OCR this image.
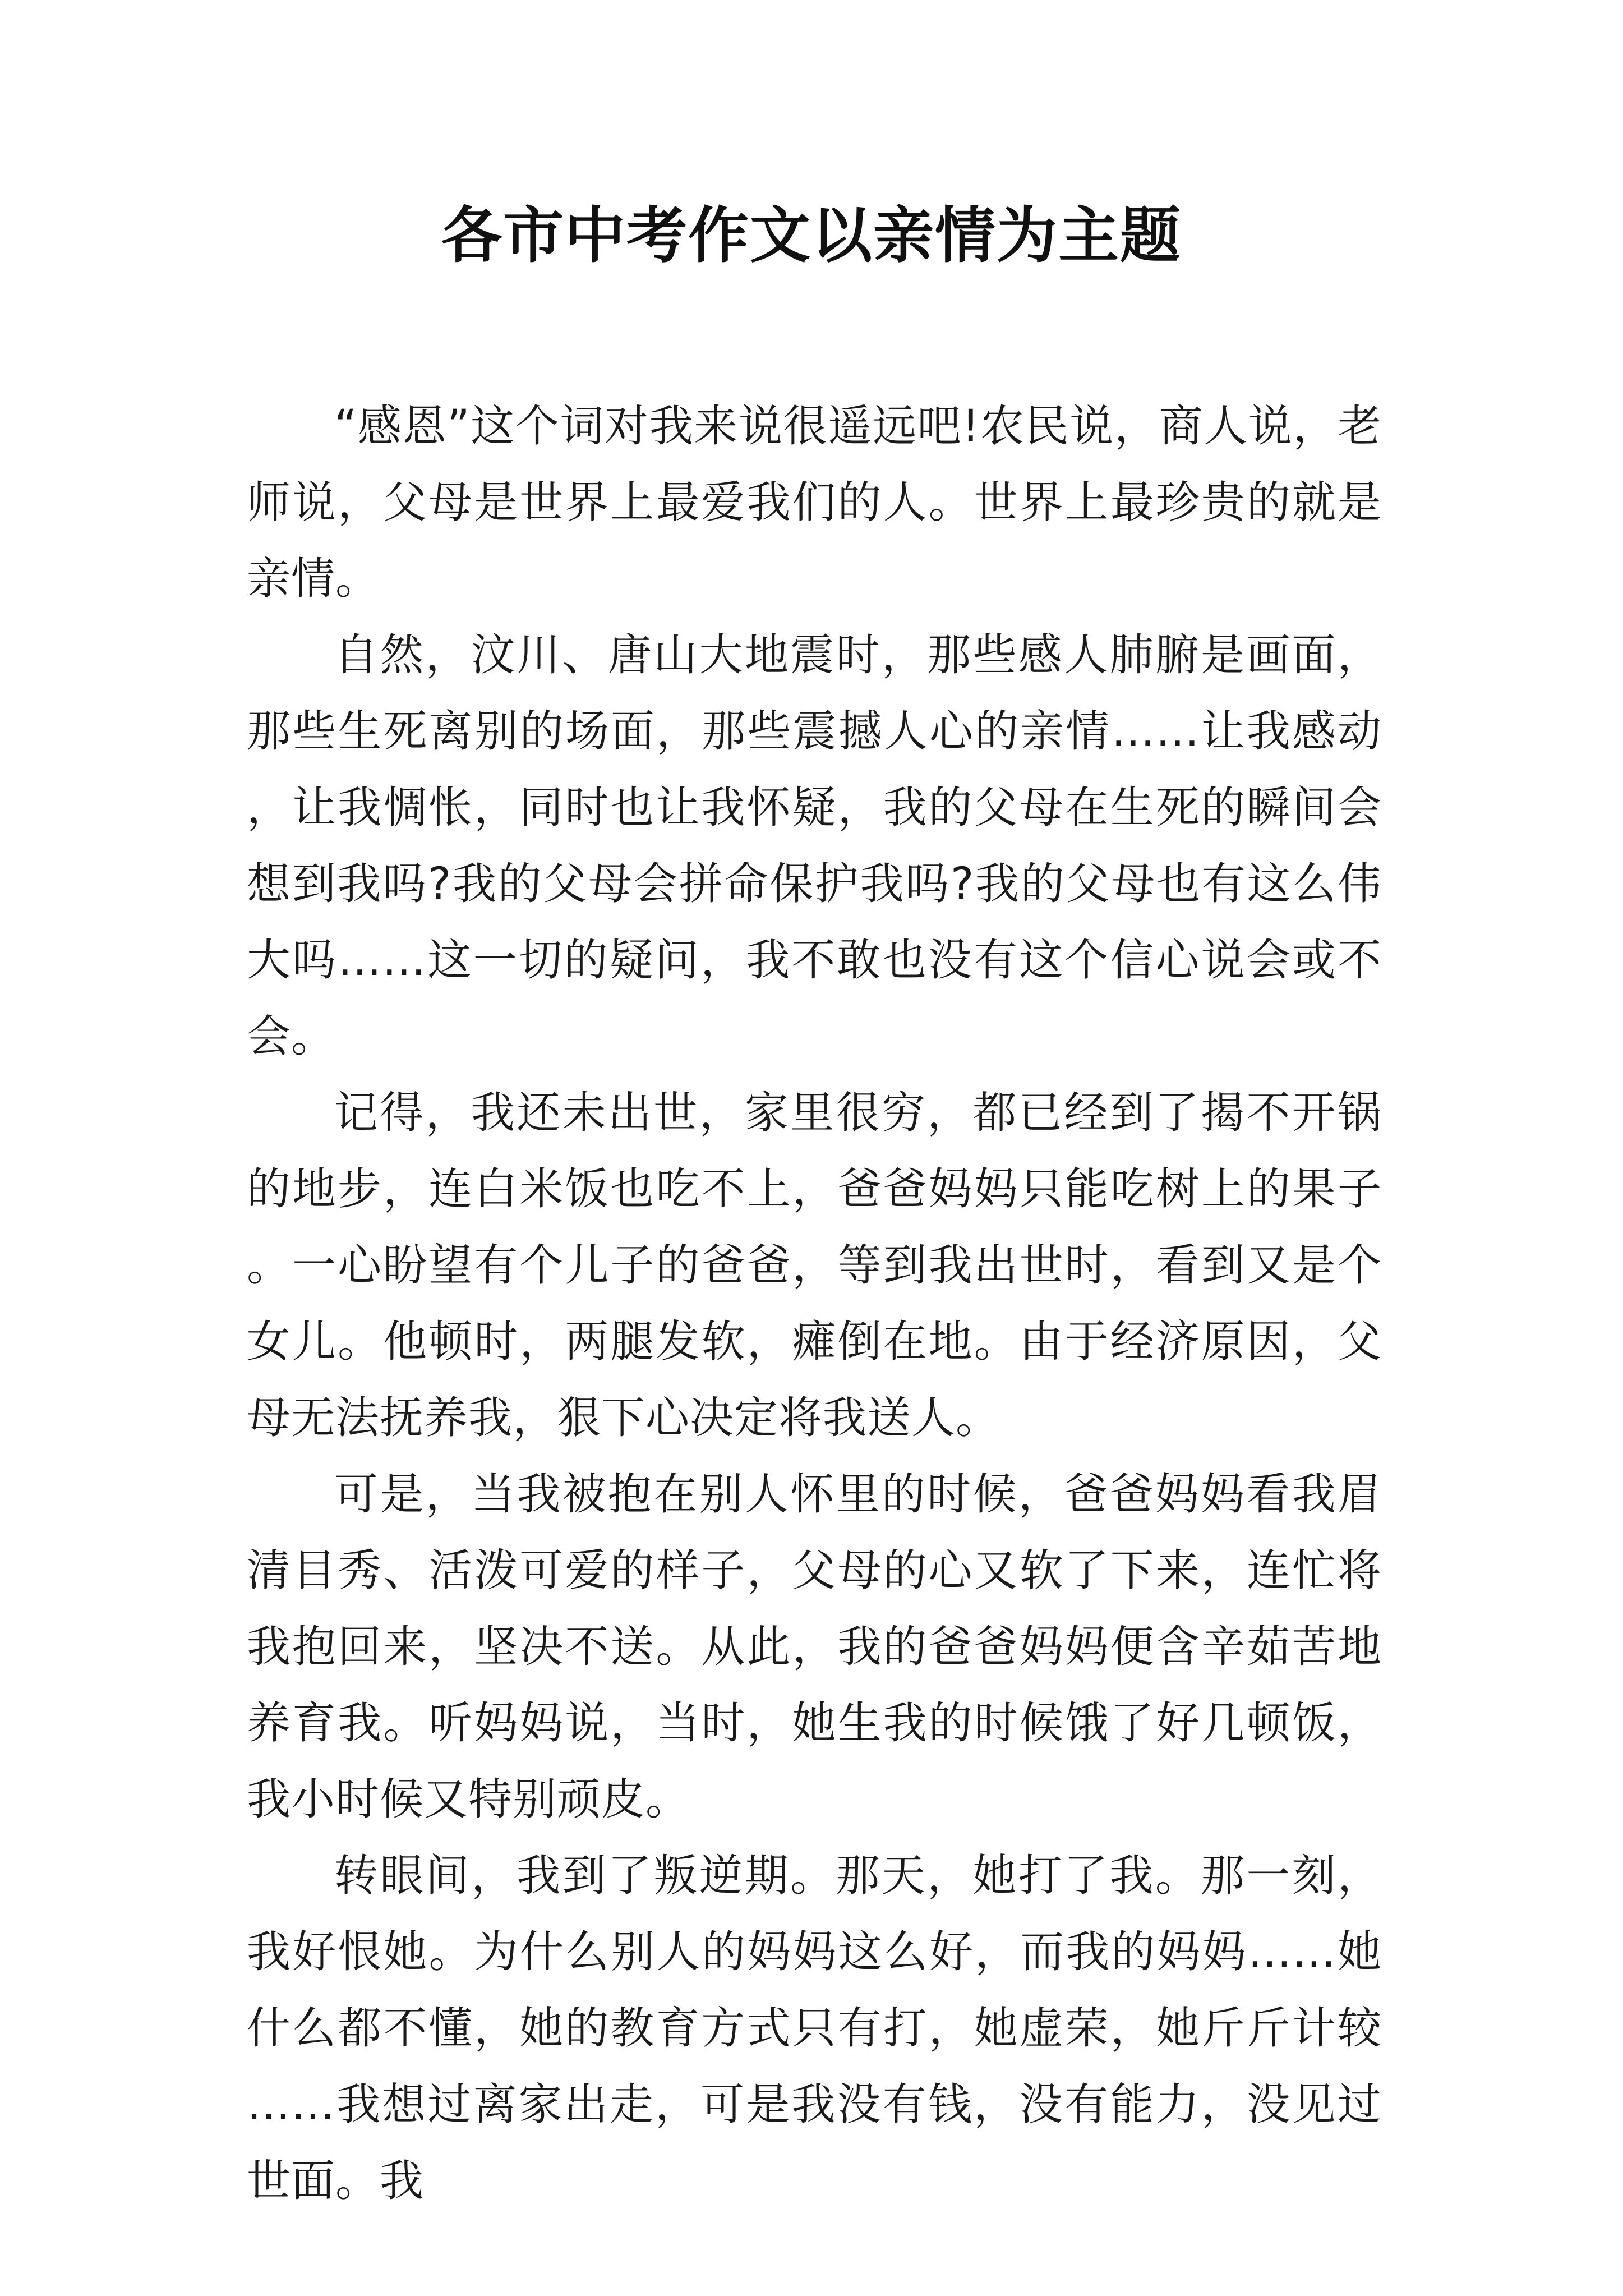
各市中考作文以亲情为主题

“感恩”这个词对我来说很遥远吧!农民说，商人说，老师说，父母是世界上最爱我们的人。世界上最珍贵的就是亲情。

自然，汶川、唐山大地震时，那些感人肺腑是画面，那些生死离别的场面，那些震撼人心的亲情……让我感动，让我惆怅，同时也让我怀疑，我的父母在生死的瞬间会想到我吗?我的父母会拼命保护我吗?我的父母也有这么伟大吗……这一切的疑问，我不敢也没有这个信心说会或不会。

记得，我还未出世，家里很穷，都已经到了揭不开锅的地步，连白米饭也吃不上，爸爸妈妈只能吃树上的果子。一心盼望有个儿子的爸爸，等到我出世时，看到又是个女儿。他顿时，两腿发软，瘫倒在地。由于经济原因，父母无法抚养我，狠下心决定将我送人。

可是，当我被抱在别人怀里的时候，爸爸妈妈看我眉清目秀、活泼可爱的样子，父母的心又软了下来，连忙将我抱回来，坚决不送。从此，我的爸爸妈妈便含辛茹苦地养育我。听妈妈说，当时，她生我的时候饿了好几顿饭，我小时候又特别顽皮。

转眼间，我到了叛逆期。那天，她打了我。那一刻，我好恨她。为什么别人的妈妈这么好，而我的妈妈……她什么都不懂，她的教育方式只有打，她虚荣，她斤斤计较……我想过离家出走，可是我没有钱，没有能力，没见过世面。我
